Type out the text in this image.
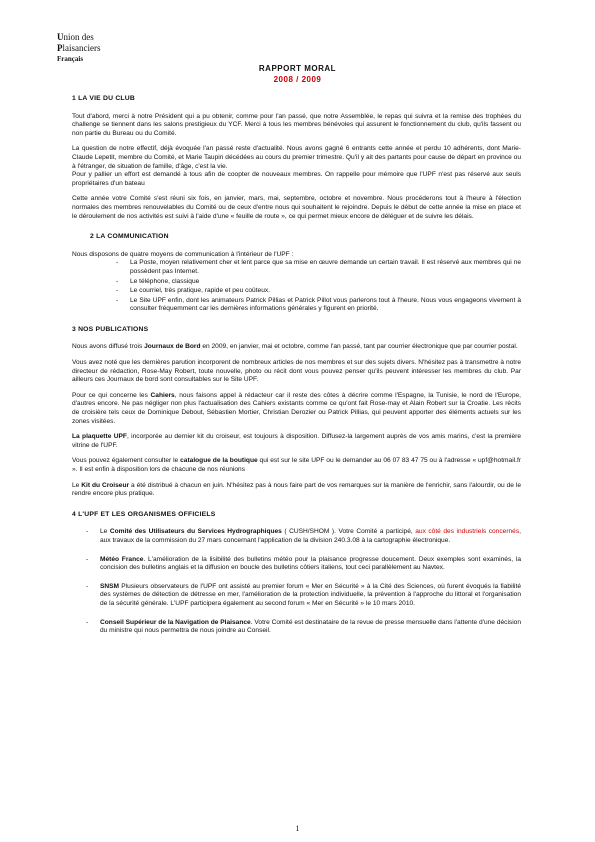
Union des
Plaisanciers
Français
RAPPORT MORAL
2008 / 2009
1 LA VIE DU CLUB

Tout d'abord, merci à notre Président qui a pu obtenir, comme pour l'an passé, que notre Assemblée, le repas qui suivra et la remise des trophées du challenge se tiennent dans les salons prestigieux du YCF. Merci à tous les membres bénévoles qui assurent le fonctionnement du club, qu'ils fassent ou non partie du Bureau ou du Comité.

La question de notre effectif, déjà évoquée l'an passé reste d'actualité. Nous avons gagné 6 entrants cette année et perdu 10 adhérents, dont Marie-Claude Lepetit, membre du Comité, et Marie Taupin décédées au cours du premier trimestre. Qu'il y ait des partants pour cause de départ en province ou à l'étranger, de situation de famille, d'âge, c'est la vie.

Pour y pallier un effort est demandé à tous afin de coopter de nouveaux membres. On rappelle pour mémoire que l'UPF n'est pas réservé aux seuls propriétaires d'un bateau

Cette année votre Comité s'est réuni six fois, en janvier, mars, mai, septembre, octobre et novembre. Nous procéderons tout à l'heure à l'élection normales des membres renouvelables du Comité ou de ceux d'entre nous qui souhaitent le rejoindre. Depuis le début de cette année la mise en place et le déroulement de nos activités est suivi à l'aide d'une « feuille de route », ce qui permet mieux encore de déléguer et de suivre les délais.

2 LA COMMUNICATION

Nous disposons de quatre moyens de communication à l'intérieur de l'UPF :

- La Poste, moyen relativement cher et lent parce que sa mise en œuvre demande un certain travail. Il est réservé aux membres qui ne possèdent pas Internet.
- Le téléphone, classique
- Le courriel, très pratique, rapide et peu coûteux.
- Le Site UPF enfin, dont les animateurs Patrick Pillias et Patrick Pillot vous parlerons tout à l'heure. Nous vous engageons vivement à consulter fréquemment car les dernières informations générales y figurent en priorité.
3 NOS PUBLICATIONS

Nous avons diffusé trois Journaux de Bord en 2009, en janvier, mai et octobre, comme l'an passé, tant par courrier électronique que par courrier postal.

Vous avez noté que les dernières parution incorporent de nombreux articles de nos membres et sur des sujets divers. N'hésitez pas à transmettre à notre directeur de rédaction, Rose-May Robert, toute nouvelle, photo ou récit dont vous pouvez penser qu'ils peuvent intéresser les membres du club. Par ailleurs ces Journaux de bord sont consultables sur le Site UPF.

Pour ce qui concerne les Cahiers, nous faisons appel à rédacteur car il reste des côtes à décrire comme l'Espagne, la Tunisie, le nord de l'Europe, d'autres encore. Ne pas négliger non plus l'actualisation des Cahiers existants comme ce qu'ont fait Rose-may et Alain Robert sur la Croatie. Les récits de croisière tels ceux de Dominique Debout, Sébastien Mortier, Christian Derozier ou Patrick Pillias, qui peuvent apporter des éléments actuels sur les zones visitées.

La plaquette UPF, incorporée au dernier kit du croiseur, est toujours à disposition. Diffusez-la largement auprès de vos amis marins, c'est la première vitrine de l'UPF.

Vous pouvez également consulter le catalogue de la boutique qui est sur le site UPF ou le demander au 06 07 83 47 75 ou à l'adresse « upf@hotmail.fr ». Il est enfin à disposition lors de chacune de nos réunions

Le Kit du Croiseur a été distribué à chacun en juin. N'hésitez pas à nous faire part de vos remarques sur la manière de l'enrichir, sans l'alourdir, ou de le rendre encore plus pratique.

4 L'UPF ET LES ORGANISMES OFFICIELS
- Le Comité des Utilisateurs du Services Hydrographiques ( CUSH/SHOM ). Votre Comité a participé, aux côté des industriels concernés, aux travaux de la commission du 27 mars concernant l'application de la division 240.3.08 à la cartographie électronique.
- Météo France. L'amélioration de la lisibilité des bulletins météo pour la plaisance progresse doucement. Deux exemples sont examinés, la concision des bulletins anglais et la diffusion en boucle des bulletins côtiers italiens, tout ceci parallèlement au Navtex.
- SNSM Plusieurs observateurs de l'UPF ont assisté au premier forum « Mer en Sécurité » à la Cité des Sciences, où furent évoqués la fiabilité des systèmes de détection de détresse en mer, l'amélioration de la protection individuelle, la prévention à l'approche du littoral et l'organisation de la sécurité générale. L'UPF participera également au second forum « Mer en Sécurité » le 10 mars 2010.
- Conseil Supérieur de la Navigation de Plaisance. Votre Comité est destinataire de la revue de presse mensuelle dans l'attente d'une décision du ministre qui nous permettra de nous joindre au Conseil.
1
